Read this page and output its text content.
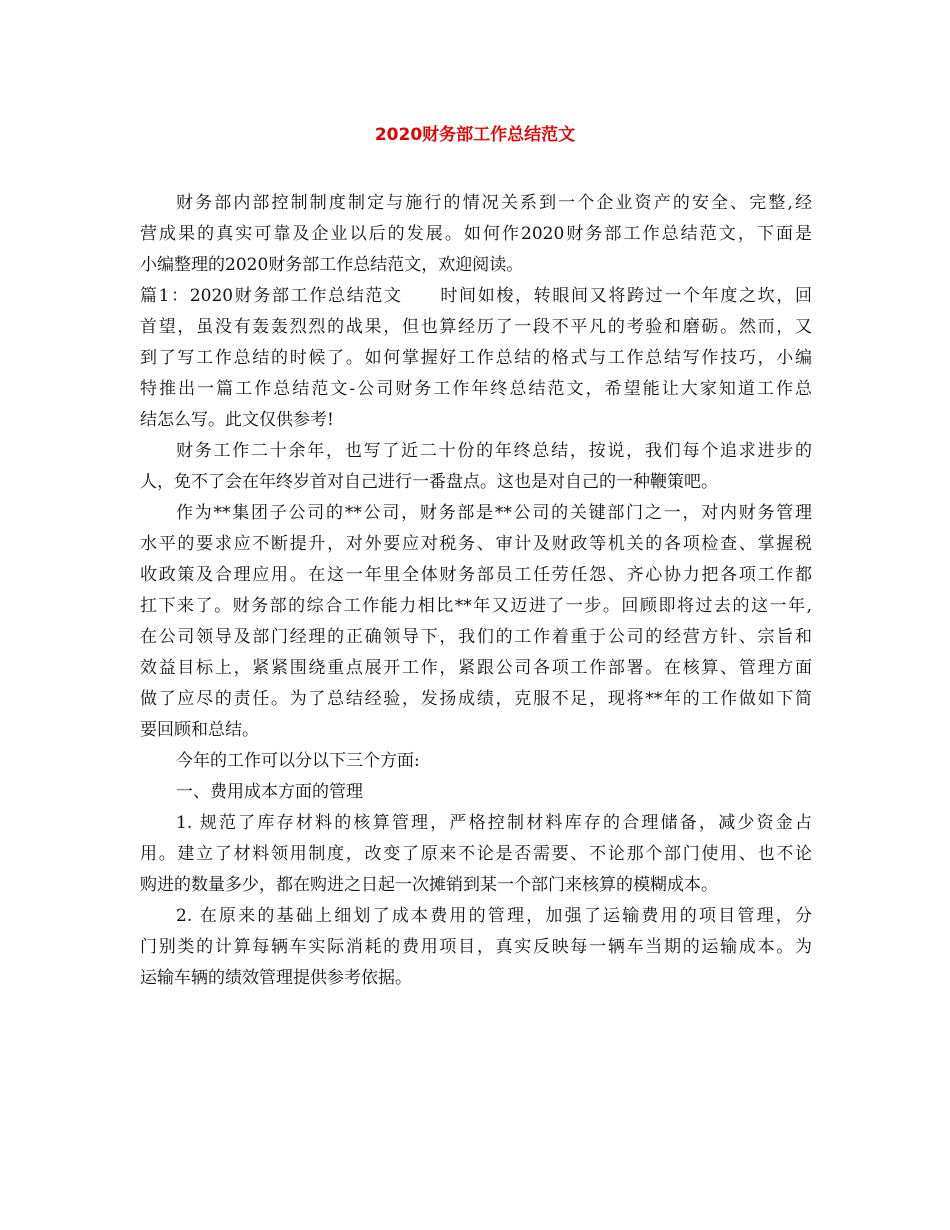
2020财务部工作总结范文
财务部内部控制制度制定与施行的情况关系到一个企业资产的安全、完整,经
营成果的真实可靠及企业以后的发展。如何作2020财务部工作总结范文，下面是
小编整理的2020财务部工作总结范文，欢迎阅读。
篇1：2020财务部工作总结范文 时间如梭，转眼间又将跨过一个年度之坎，回
首望，虽没有轰轰烈烈的战果，但也算经历了一段不平凡的考验和磨砺。然而，又
到了写工作总结的时候了。如何掌握好工作总结的格式与工作总结写作技巧，小编
特推出一篇工作总结范文-公司财务工作年终总结范文，希望能让大家知道工作总
结怎么写。此文仅供参考!
财务工作二十余年，也写了近二十份的年终总结，按说，我们每个追求进步的
人，免不了会在年终岁首对自己进行一番盘点。这也是对自己的一种鞭策吧。
作为**集团子公司的**公司，财务部是**公司的关键部门之一，对内财务管理
水平的要求应不断提升，对外要应对税务、审计及财政等机关的各项检查、掌握税
收政策及合理应用。在这一年里全体财务部员工任劳任怨、齐心协力把各项工作都
扛下来了。财务部的综合工作能力相比**年又迈进了一步。回顾即将过去的这一年,
在公司领导及部门经理的正确领导下，我们的工作着重于公司的经营方针、宗旨和
效益目标上，紧紧围绕重点展开工作，紧跟公司各项工作部署。在核算、管理方面
做了应尽的责任。为了总结经验，发扬成绩，克服不足，现将**年的工作做如下简
要回顾和总结。
今年的工作可以分以下三个方面:
一、费用成本方面的管理
1. 规范了库存材料的核算管理，严格控制材料库存的合理储备，减少资金占
用。建立了材料领用制度，改变了原来不论是否需要、不论那个部门使用、也不论
购进的数量多少，都在购进之日起一次摊销到某一个部门来核算的模糊成本。
2. 在原来的基础上细划了成本费用的管理，加强了运输费用的项目管理，分
门别类的计算每辆车实际消耗的费用项目，真实反映每一辆车当期的运输成本。为
运输车辆的绩效管理提供参考依据。
